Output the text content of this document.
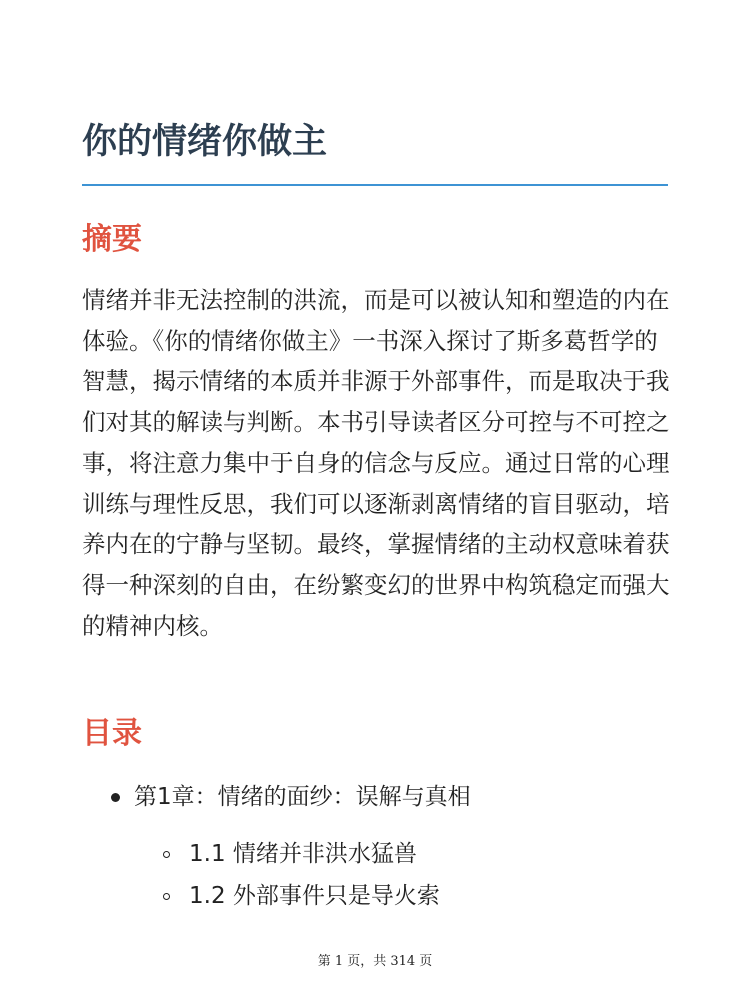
你的情绪你做主
摘要

情绪并非无法控制的洪流，而是可以被认知和塑造的内在体验。《你的情绪你做主》一书深入探讨了斯多葛哲学的智慧，揭示情绪的本质并非源于外部事件，而是取决于我们对其的解读与判断。本书引导读者区分可控与不可控之事，将注意力集中于自身的信念与反应。通过日常的心理训练与理性反思，我们可以逐渐剥离情绪的盲目驱动，培养内在的宁静与坚韧。最终，掌握情绪的主动权意味着获得一种深刻的自由，在纷繁变幻的世界中构筑稳定而强大的精神内核。

目录
第1章：情绪的面纱：误解与真相
1.1 情绪并非洪水猛兽
1.2 外部事件只是导火索
第 1 页，共 314 页
